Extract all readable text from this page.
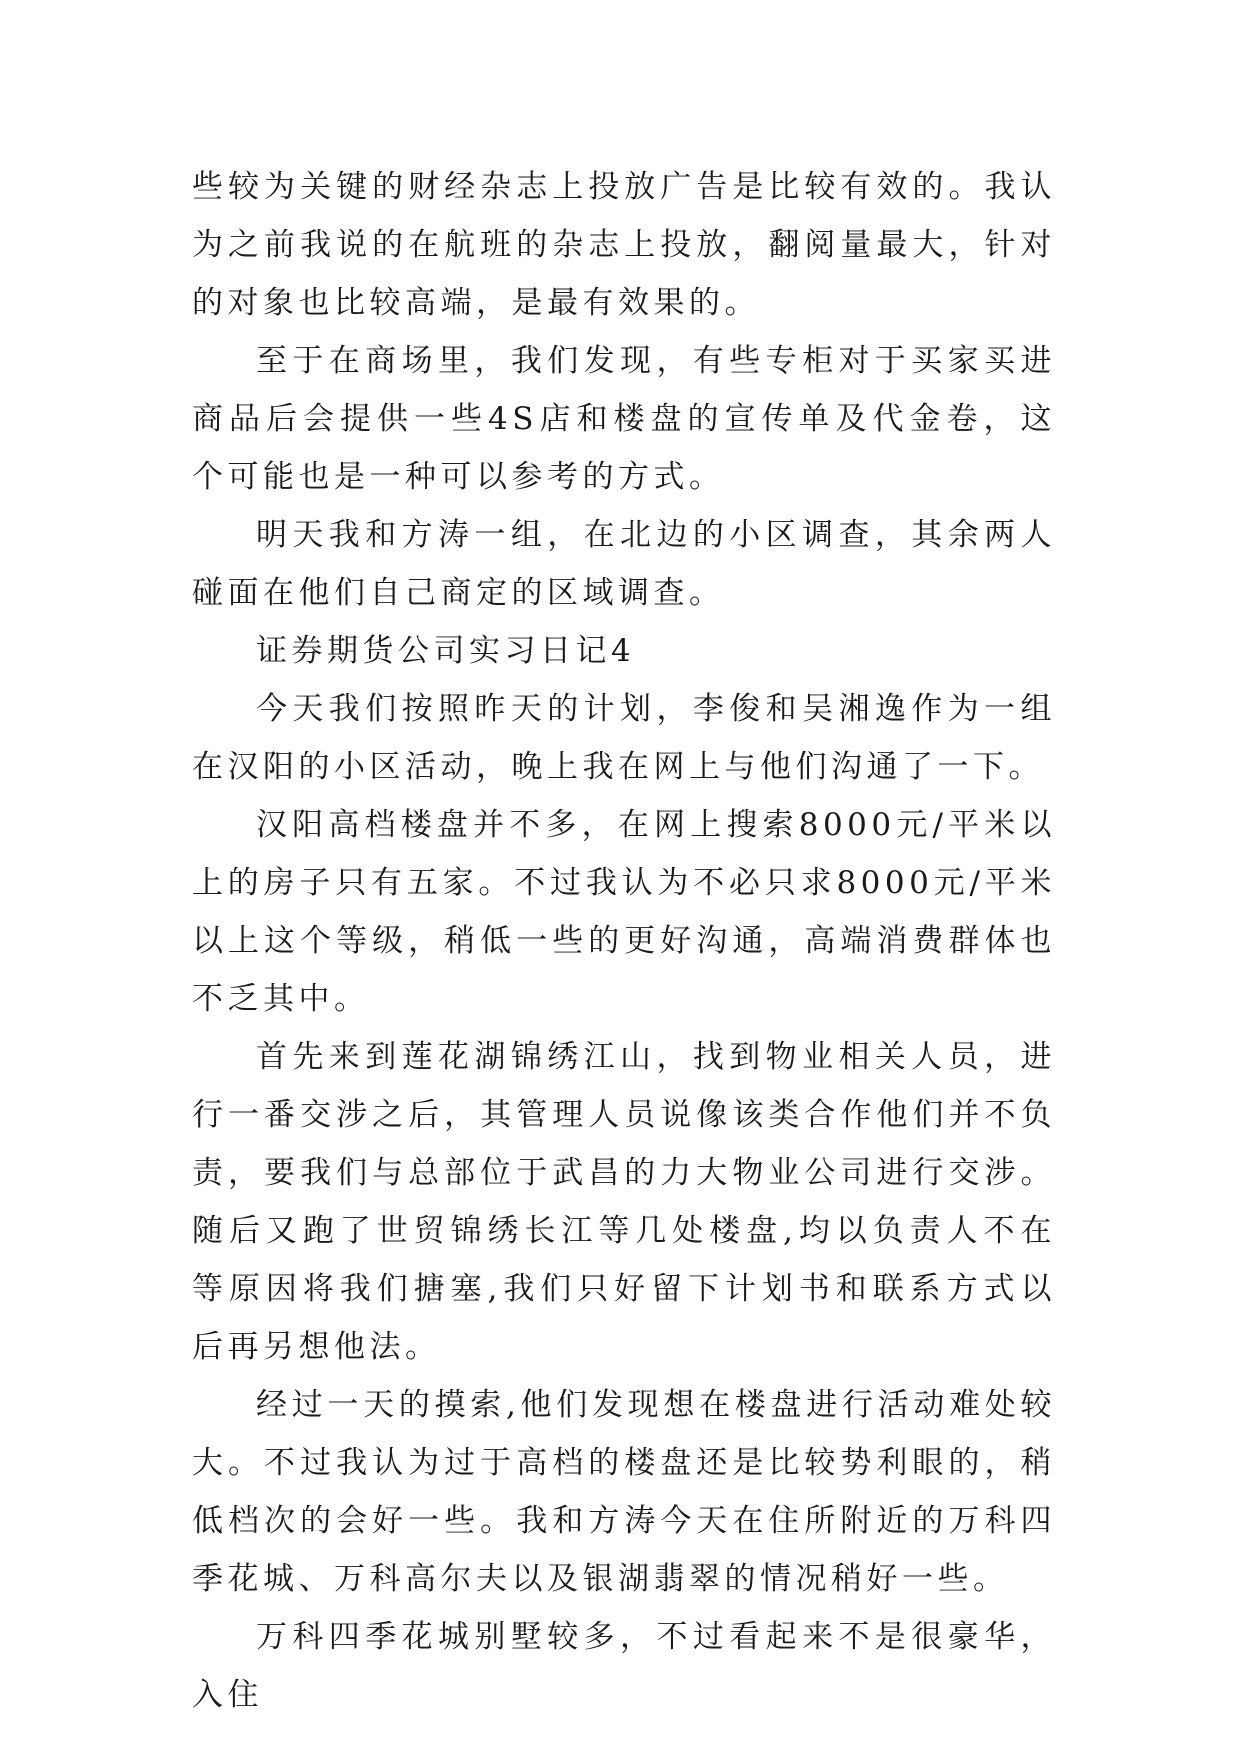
些较为关键的财经杂志上投放广告是比较有效的。我认为之前我说的在航班的杂志上投放，翻阅量最大，针对的对象也比较高端，是最有效果的。

至于在商场里，我们发现，有些专柜对于买家买进商品后会提供一些4S店和楼盘的宣传单及代金卷，这个可能也是一种可以参考的方式。

明天我和方涛一组，在北边的小区调查，其余两人碰面在他们自己商定的区域调查。

证券期货公司实习日记4

今天我们按照昨天的计划，李俊和吴湘逸作为一组在汉阳的小区活动，晚上我在网上与他们沟通了一下。

汉阳高档楼盘并不多，在网上搜索8000元/平米以上的房子只有五家。不过我认为不必只求8000元/平米以上这个等级，稍低一些的更好沟通，高端消费群体也不乏其中。

首先来到莲花湖锦绣江山，找到物业相关人员，进行一番交涉之后，其管理人员说像该类合作他们并不负责，要我们与总部位于武昌的力大物业公司进行交涉。随后又跑了世贸锦绣长江等几处楼盘,均以负责人不在等原因将我们搪塞,我们只好留下计划书和联系方式以后再另想他法。

经过一天的摸索,他们发现想在楼盘进行活动难处较大。不过我认为过于高档的楼盘还是比较势利眼的，稍低档次的会好一些。我和方涛今天在住所附近的万科四季花城、万科高尔夫以及银湖翡翠的情况稍好一些。

万科四季花城别墅较多，不过看起来不是很豪华，入住
